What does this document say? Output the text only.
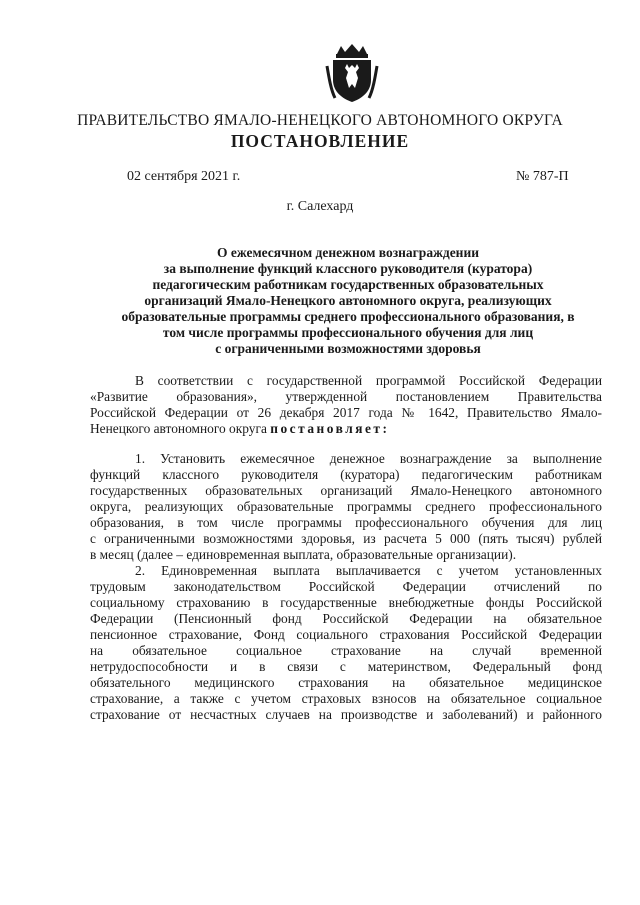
ПРАВИТЕЛЬСТВО ЯМАЛО-НЕНЕЦКОГО АВТОНОМНОГО ОКРУГА
ПОСТАНОВЛЕНИЕ
02 сентября 2021 г.	№ 787-П
г. Салехард
О ежемесячном денежном вознаграждении
за выполнение функций классного руководителя (куратора)
педагогическим работникам государственных образовательных
организаций Ямало-Ненецкого автономного округа, реализующих
образовательные программы среднего профессионального образования, в
том числе программы профессионального обучения для лиц
с ограниченными возможностями здоровья
В соответствии с государственной программой Российской Федерации
«Развитие образования», утвержденной постановлением Правительства
Российской Федерации от 26 декабря 2017 года № 1642, Правительство Ямало-
Ненецкого автономного округа постановляет:
1. Установить ежемесячное денежное вознаграждение за выполнение
функций классного руководителя (куратора) педагогическим работникам
государственных образовательных организаций Ямало-Ненецкого автономного
округа, реализующих образовательные программы среднего профессионального
образования, в том числе программы профессионального обучения для лиц
с ограниченными возможностями здоровья, из расчета 5 000 (пять тысяч) рублей
в месяц (далее – единовременная выплата, образовательные организации).
2. Единовременная выплата выплачивается с учетом установленных
трудовым законодательством Российской Федерации отчислений по
социальному страхованию в государственные внебюджетные фонды Российской
Федерации (Пенсионный фонд Российской Федерации на обязательное
пенсионное страхование, Фонд социального страхования Российской Федерации
на обязательное социальное страхование на случай временной
нетрудоспособности и в связи с материнством, Федеральный фонд
обязательного медицинского страхования на обязательное медицинское
страхование, а также с учетом страховых взносов на обязательное социальное
страхование от несчастных случаев на производстве и заболеваний) и районного
